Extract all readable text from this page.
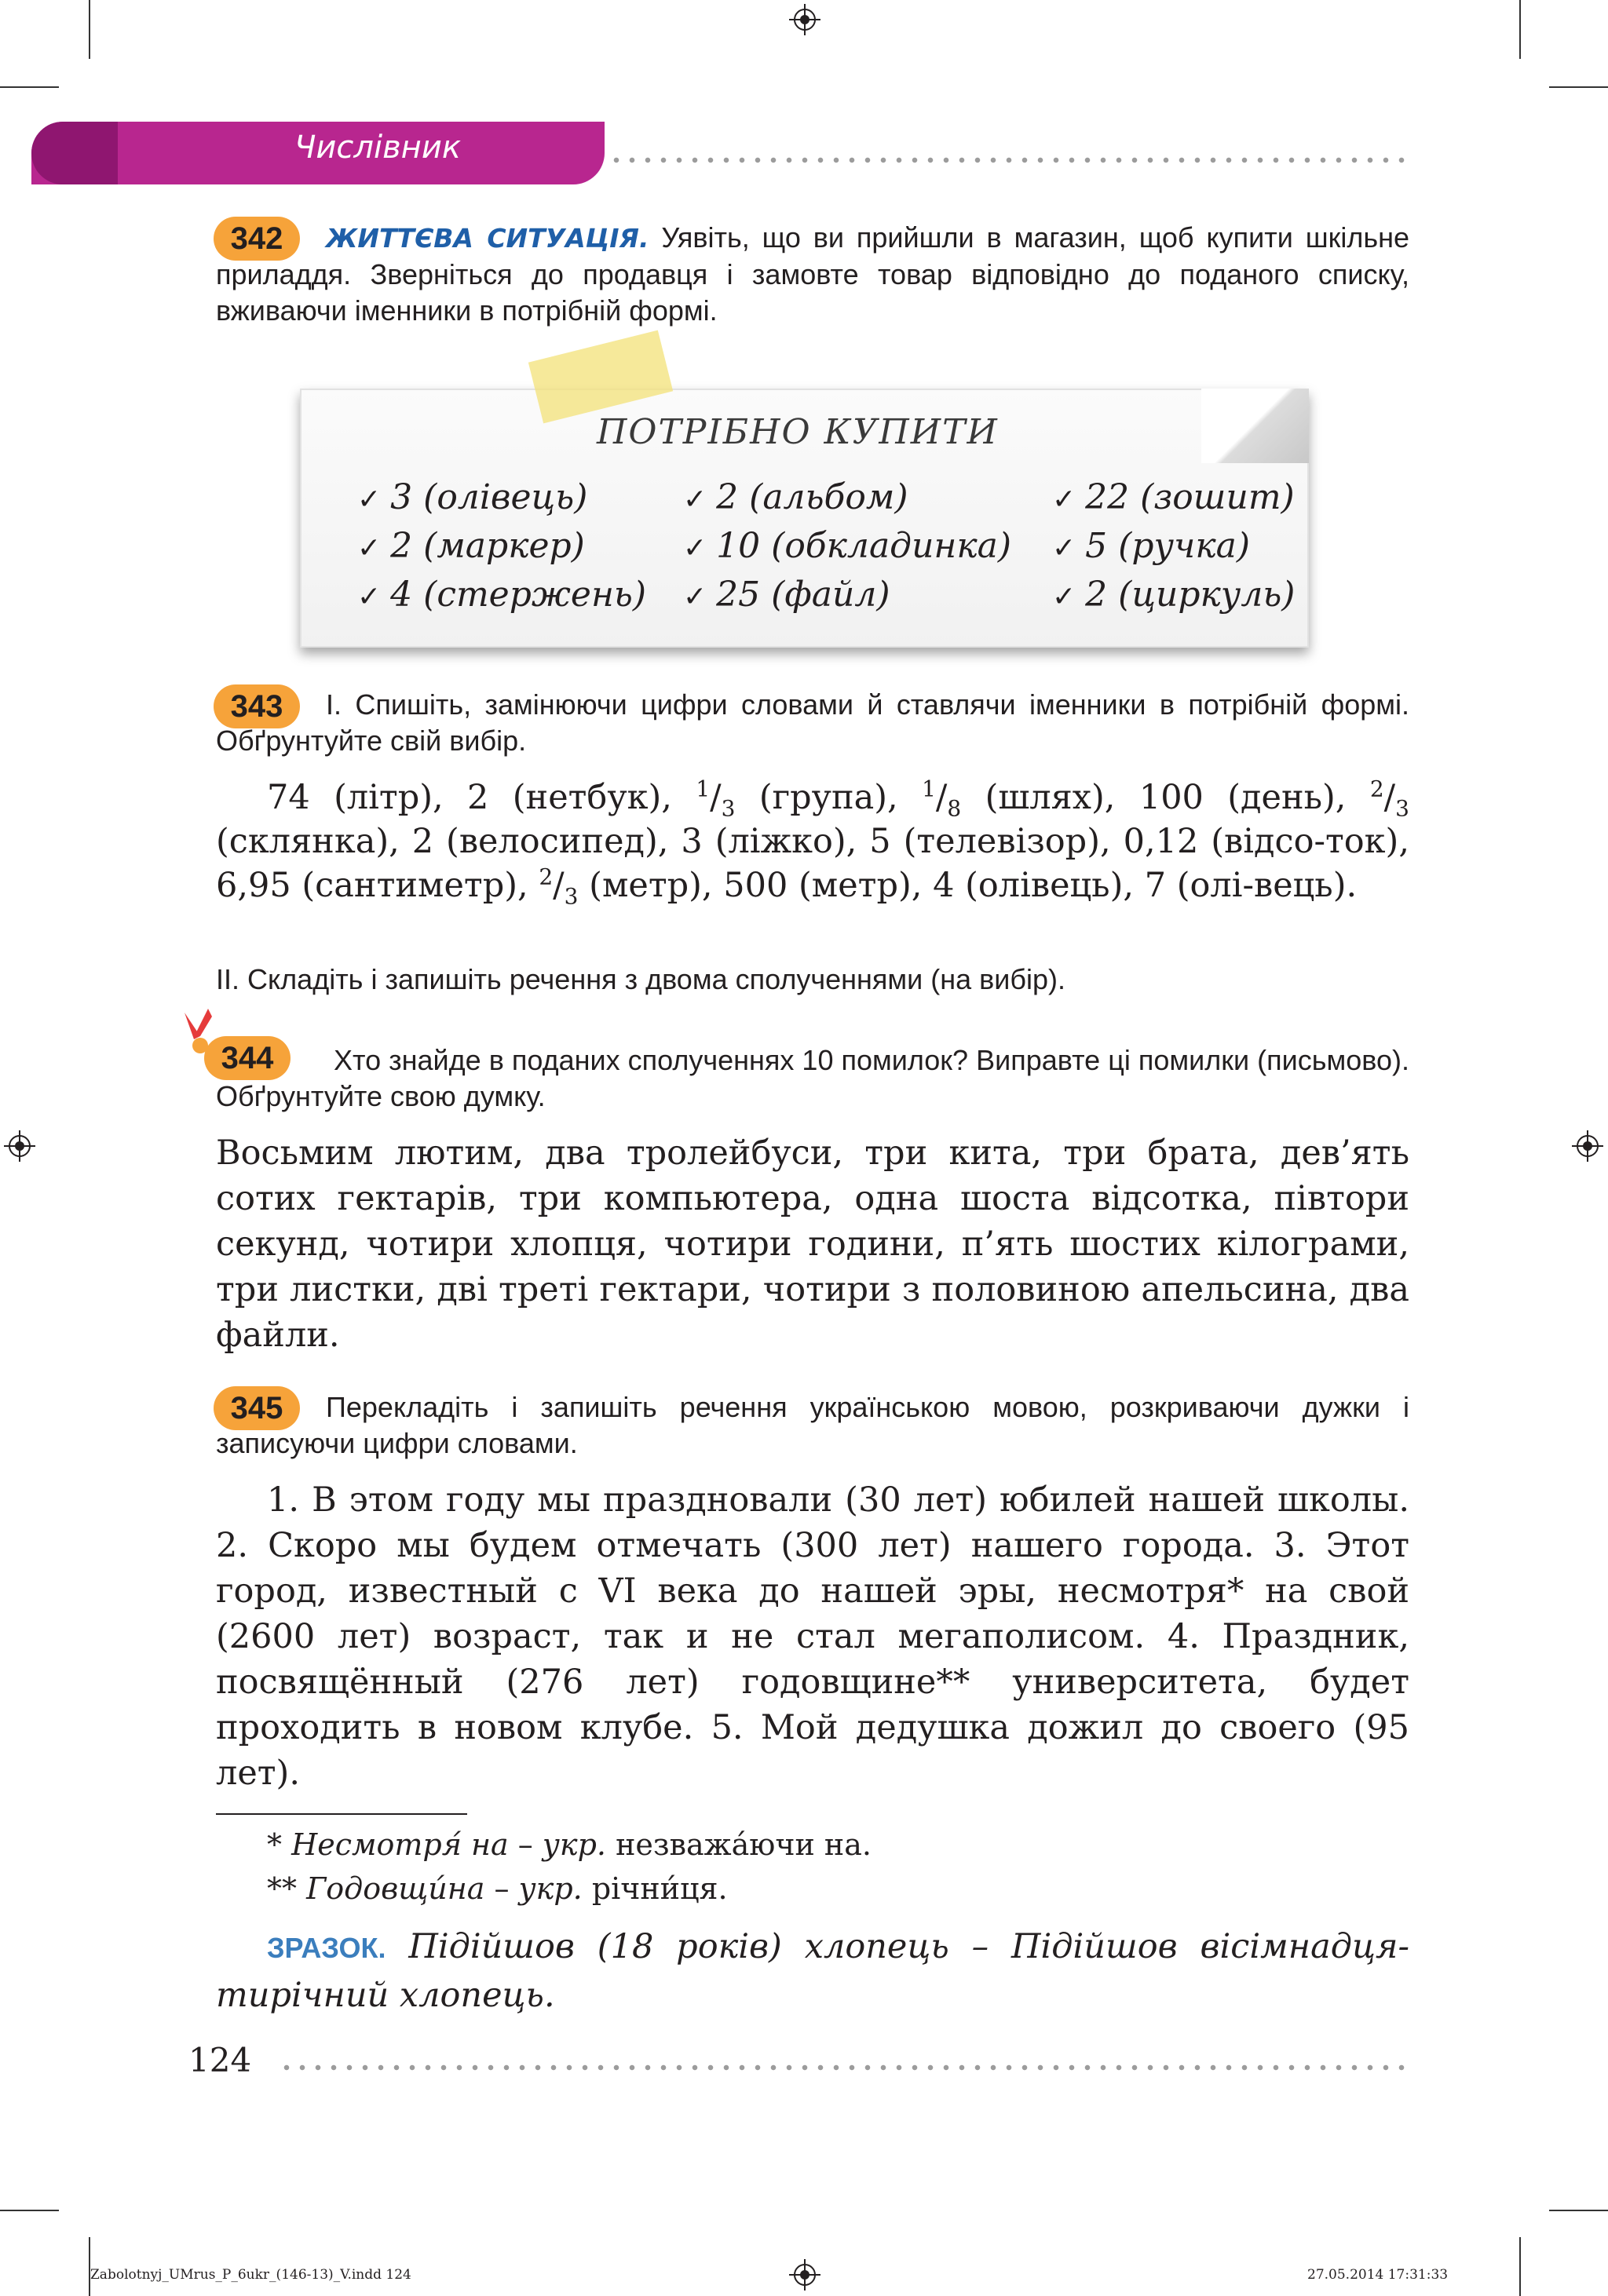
Числівник
342	ЖИТТЄВА СИТУАЦІЯ. Уявіть, що ви прийшли в магазин, щоб купити шкільне приладдя. Зверніться до продавця і замовте товар відповідно до поданого списку, вживаючи іменники в потрібній формі.
ПОТРІБНО КУПИТИ
✓ 3 (олівець)	✓ 2 (альбом)	✓ 22 (зошит)
✓ 2 (маркер)	✓ 10 (обкладинка) ✓ 5 (ручка)
✓ 4 (стержень) ✓ 25 (файл)	✓ 2 (циркуль)
343	І. Спишіть, замінюючи цифри словами й ставлячи іменники в потрібній формі. Обґрунтуйте свій вибір.
74 (літр), 2 (нетбук), $^1/_3$ (група), $^1/_8$ (шлях), 100 (день), $^2/_3$ (склянка), 2 (велосипед), 3 (ліжко), 5 (телевізор), 0,12 (відсо-ток), 6,95 (сантиметр), $^2/_3$ (метр), 500 (метр), 4 (олівець), 7 (олі-вець).
ІІ. Складіть і запишіть речення з двома сполученнями (на вибір).
344	Хто знайде в поданих сполученнях 10 помилок? Виправте ці помилки (письмово). Обґрунтуйте свою думку.
Восьмим лютим, два тролейбуси, три кита, три брата, дев’ять сотих гектарів, три компьютера, одна шоста відсотка, півтори секунд, чотири хлопця, чотири години, п’ять шостих кілограми, три листки, дві треті гектари, чотири з половиною апельсина, два файли.
345	Перекладіть і запишіть речення українською мовою, розкриваючи дужки і записуючи цифри словами.
1. В этом году мы праздновали (30 лет) юбилей нашей школы. 2. Скоро мы будем отмечать (300 лет) нашего города. 3. Этот город, известный с VI века до нашей эры, несмотря* на свой (2600 лет) возраст, так и не стал мегаполисом. 4. Праздник, посвящённый (276 лет) годовщине** университета, будет проходить в новом клубе. 5. Мой дедушка дожил до своего (95 лет).
* Несмотря́ на – укр. незважáючи на.
** Годовщи́на – укр. річни́ця.
ЗРАЗОК. Підійшов (18 років) хлопець – Підійшов вісімнадця-тирічний хлопець.
124
Zabolotnyj_UMrus_P_6ukr_(146-13)_V.indd 124	27.05.2014 17:31:33
